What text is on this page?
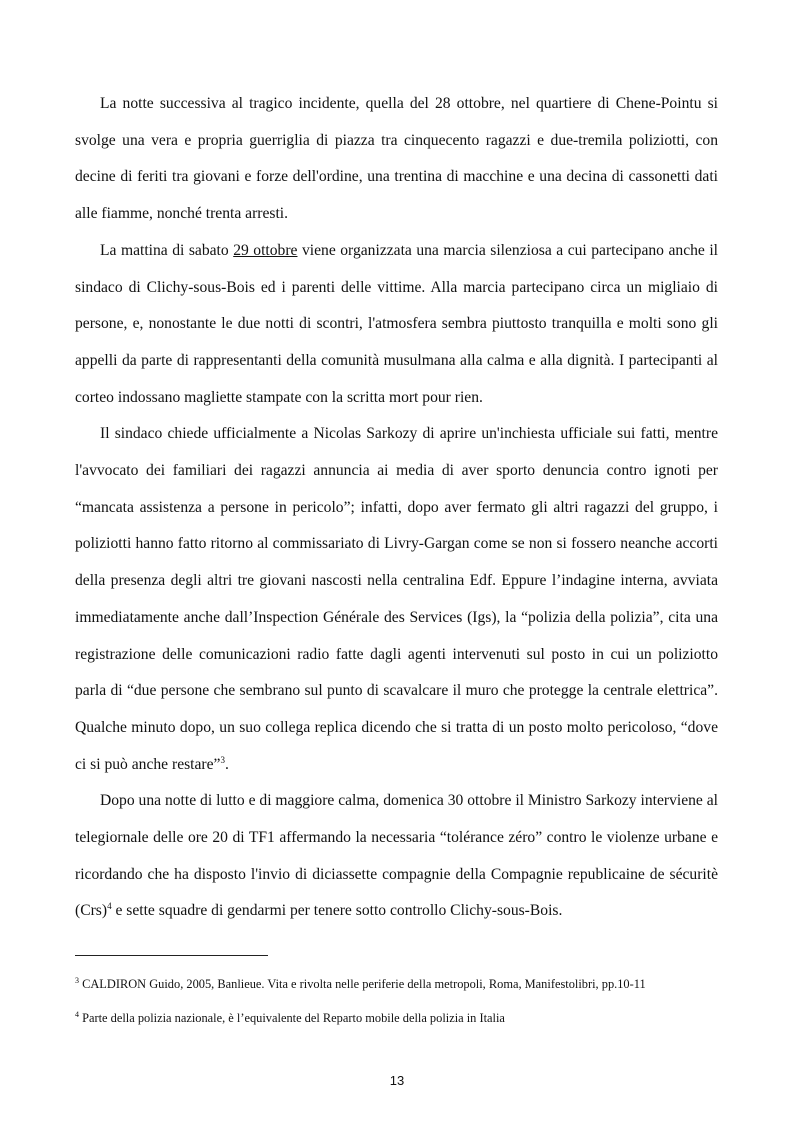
La notte successiva al tragico incidente, quella del 28 ottobre, nel quartiere di Chene-Pointu si svolge una vera e propria guerriglia di piazza tra cinquecento ragazzi e due-tremila poliziotti, con decine di feriti tra giovani e forze dell'ordine, una trentina di macchine e una decina di cassonetti dati alle fiamme, nonché trenta arresti.

La mattina di sabato 29 ottobre viene organizzata una marcia silenziosa a cui partecipano anche il sindaco di Clichy-sous-Bois ed i parenti delle vittime. Alla marcia partecipano circa un migliaio di persone, e, nonostante le due notti di scontri, l'atmosfera sembra piuttosto tranquilla e molti sono gli appelli da parte di rappresentanti della comunità musulmana alla calma e alla dignità. I partecipanti al corteo indossano magliette stampate con la scritta mort pour rien.

Il sindaco chiede ufficialmente a Nicolas Sarkozy di aprire un'inchiesta ufficiale sui fatti, mentre l'avvocato dei familiari dei ragazzi annuncia ai media di aver sporto denuncia contro ignoti per “mancata assistenza a persone in pericolo”; infatti, dopo aver fermato gli altri ragazzi del gruppo, i poliziotti hanno fatto ritorno al commissariato di Livry-Gargan come se non si fossero neanche accorti della presenza degli altri tre giovani nascosti nella centralina Edf. Eppure l’indagine interna, avviata immediatamente anche dall’Inspection Générale des Services (Igs), la “polizia della polizia”, cita una registrazione delle comunicazioni radio fatte dagli agenti intervenuti sul posto in cui un poliziotto parla di “due persone che sembrano sul punto di scavalcare il muro che protegge la centrale elettrica”. Qualche minuto dopo, un suo collega replica dicendo che si tratta di un posto molto pericoloso, “dove ci si può anche restare”$^3$.

Dopo una notte di lutto e di maggiore calma, domenica 30 ottobre il Ministro Sarkozy interviene al telegiornale delle ore 20 di TF1 affermando la necessaria “tolérance zéro” contro le violenze urbane e ricordando che ha disposto l'invio di diciassette compagnie della Compagnie republicaine de sécuritè (Crs)$^4$ e sette squadre di gendarmi per tenere sotto controllo Clichy-sous-Bois.

$^3$ CALDIRON Guido, 2005, Banlieue. Vita e rivolta nelle periferie della metropoli, Roma, Manifestolibri, pp.10-11

$^4$ Parte della polizia nazionale, è l’equivalente del Reparto mobile della polizia in Italia

13
